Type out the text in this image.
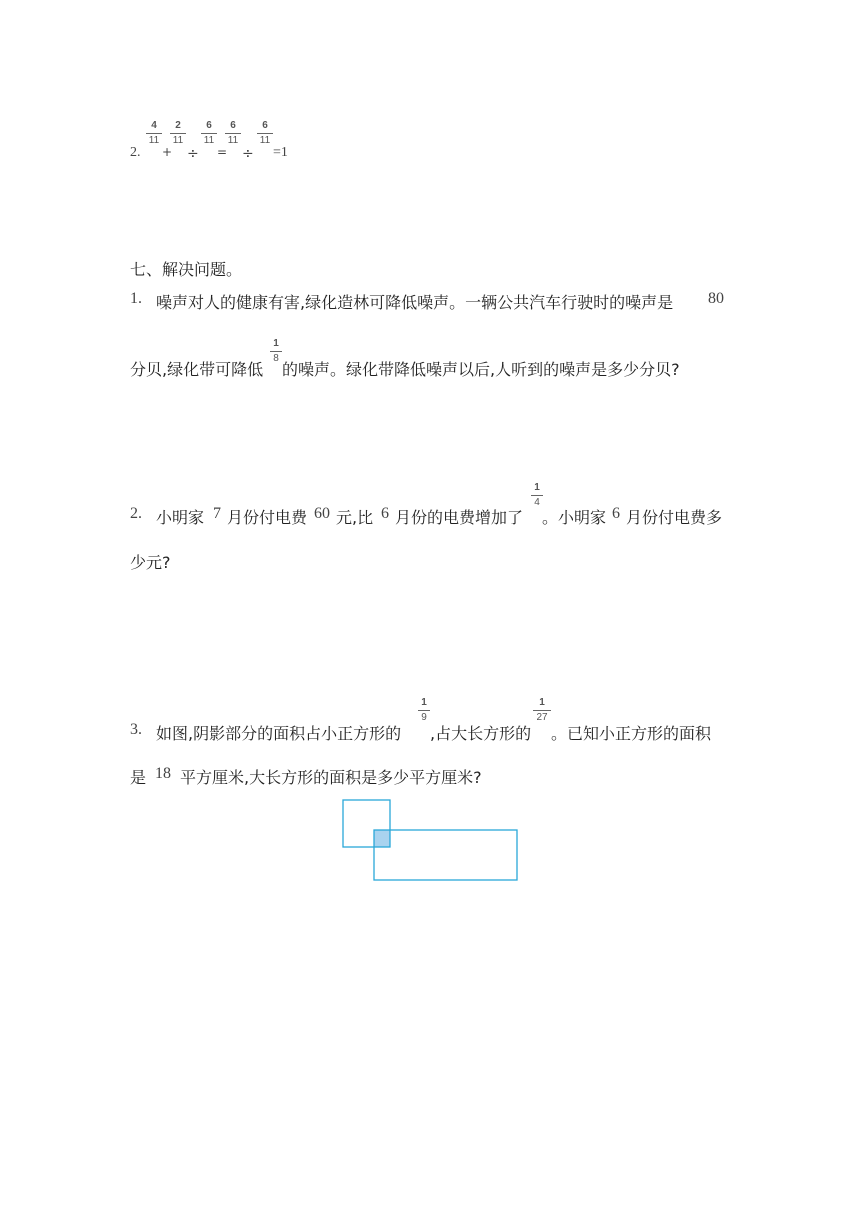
2.
4
11
+
2
11
÷
6
11
=
6
11
÷
6
11
=1
七、解决问题。
1. 噪声对人的健康有害,绿化造林可降低噪声。一辆公共汽车行驶时的噪声是 80
分贝,绿化带可降低
1
8
的噪声。绿化带降低噪声以后,人听到的噪声是多少分贝?
2. 小明家 7 月份付电费 60 元,比 6 月份的电费增加了
1
4
。小明家 6 月份付电费多
少元?
3. 如图,阴影部分的面积占小正方形的
1
9
,占大长方形的
1
27
。已知小正方形的面积
是 18 平方厘米,大长方形的面积是多少平方厘米?
